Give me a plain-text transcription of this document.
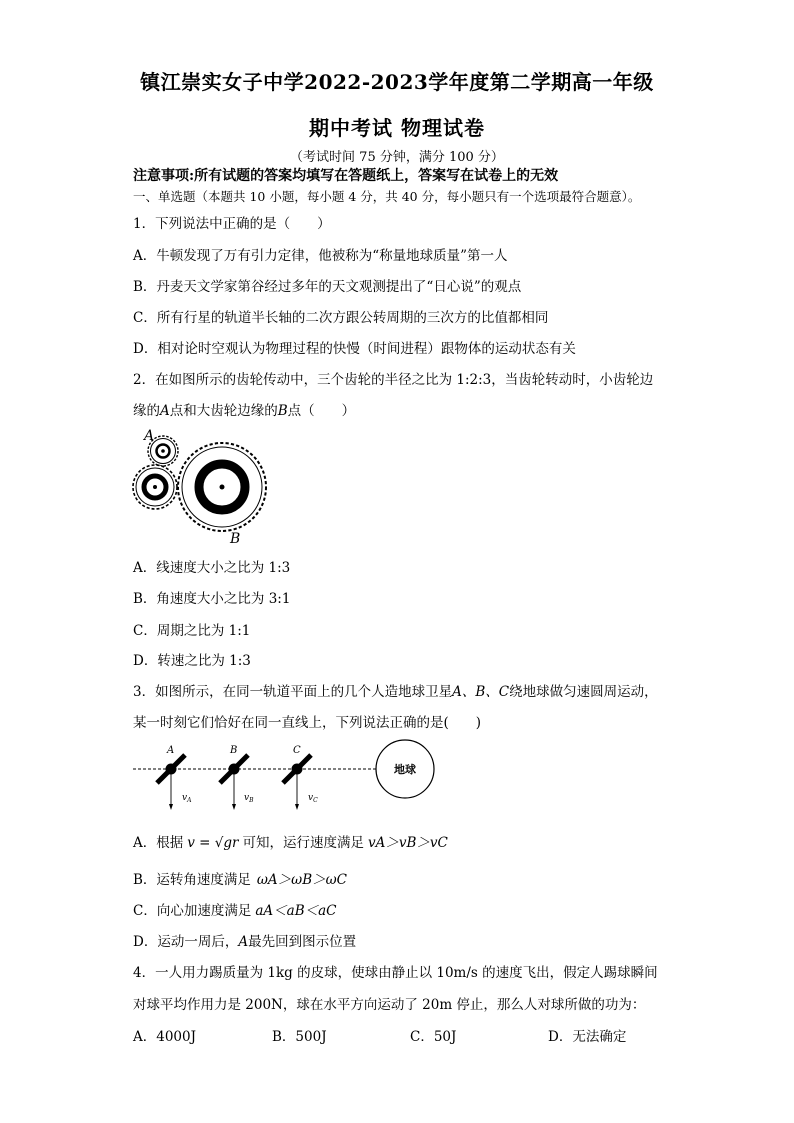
镇江崇实女子中学2022-2023学年度第二学期高一年级
期中考试 物理试卷
（考试时间 75 分钟，满分 100 分）
注意事项:所有试题的答案均填写在答题纸上，答案写在试卷上的无效
一、单选题（本题共 10 小题，每小题 4 分，共 40 分，每小题只有一个选项最符合题意）。
1．下列说法中正确的是（　　）
A．牛顿发现了万有引力定律，他被称为“称量地球质量”第一人
B．丹麦天文学家第谷经过多年的天文观测提出了“日心说”的观点
C．所有行星的轨道半长轴的二次方跟公转周期的三次方的比值都相同
D．相对论时空观认为物理过程的快慢（时间进程）跟物体的运动状态有关
2．在如图所示的齿轮传动中，三个齿轮的半径之比为 1:2:3，当齿轮转动时，小齿轮边
缘的A点和大齿轮边缘的B点（　　）
A
B
A．线速度大小之比为 1:3
B．角速度大小之比为 3:1
C．周期之比为 1:1
D．转速之比为 1:3
3．如图所示，在同一轨道平面上的几个人造地球卫星A、B、C绕地球做匀速圆周运动，
某一时刻它们恰好在同一直线上，下列说法正确的是(　　)
A	B	C
$v_A$	$v_B$	$v_C$
地球
A．根据 v = √gr 可知，运行速度满足 vA＞vB＞vC
B．运转角速度满足 ωA＞ωB＞ωC
C．向心加速度满足 aA＜aB＜aC
D．运动一周后，A最先回到图示位置
4．一人用力踢质量为 1kg 的皮球，使球由静止以 10m/s 的速度飞出，假定人踢球瞬间
对球平均作用力是 200N，球在水平方向运动了 20m 停止，那么人对球所做的功为：
A．4000J	B．500J	C．50J	D．无法确定
